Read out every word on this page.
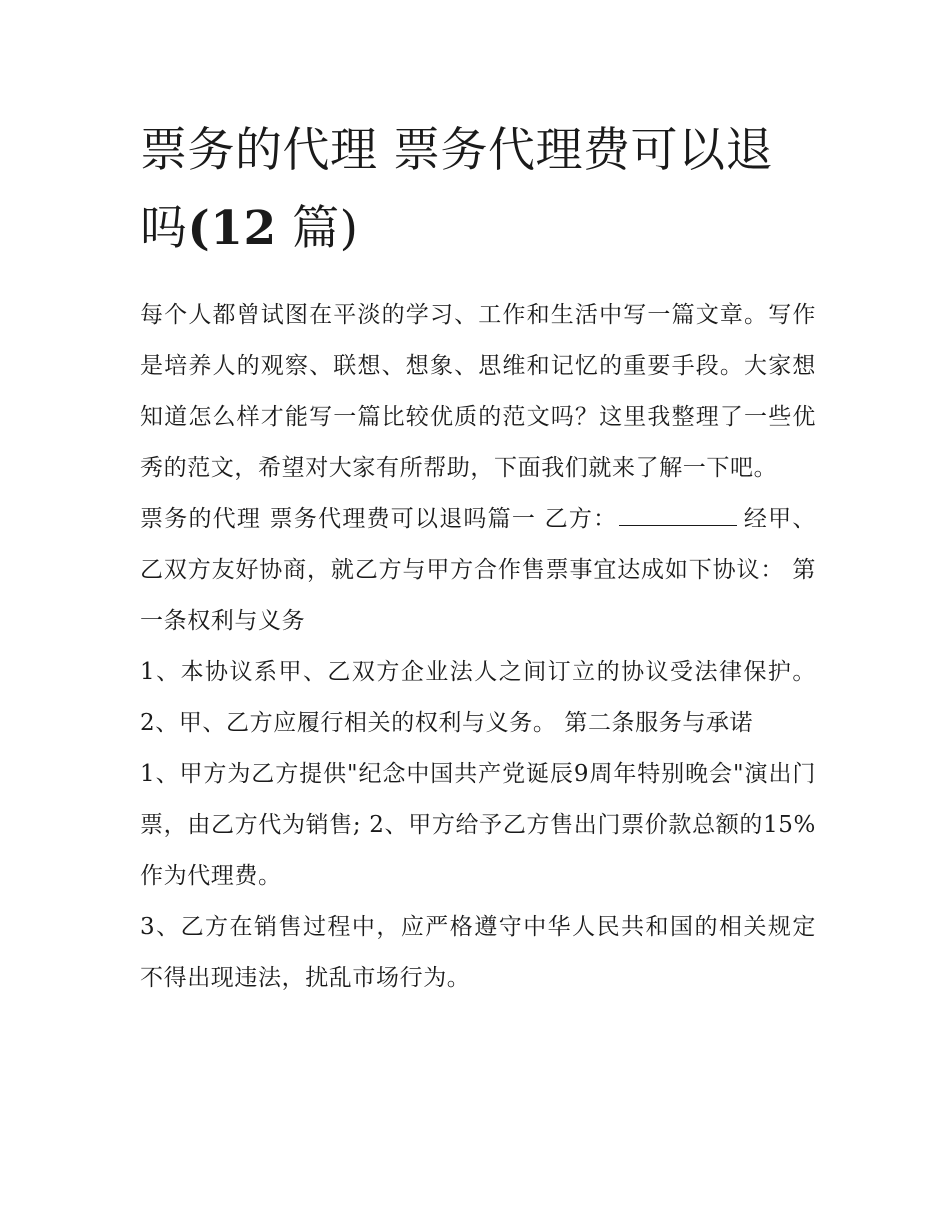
票务的代理 票务代理费可以退吗(12 篇)

每个人都曾试图在平淡的学习、工作和生活中写一篇文章。写作是培养人的观察、联想、想象、思维和记忆的重要手段。大家想知道怎么样才能写一篇比较优质的范文吗？这里我整理了一些优秀的范文，希望对大家有所帮助，下面我们就来了解一下吧。

票务的代理 票务代理费可以退吗篇一 乙方：	经甲、乙双方友好协商，就乙方与甲方合作售票事宜达成如下协议： 第一条权利与义务

1、本协议系甲、乙双方企业法人之间订立的协议受法律保护。 2、甲、乙方应履行相关的权利与义务。 第二条服务与承诺

1、甲方为乙方提供"纪念中国共产党诞辰9周年特别晚会"演出门票，由乙方代为销售; 2、甲方给予乙方售出门票价款总额的15%作为代理费。

3、乙方在销售过程中，应严格遵守中华人民共和国的相关规定不得出现违法，扰乱市场行为。
